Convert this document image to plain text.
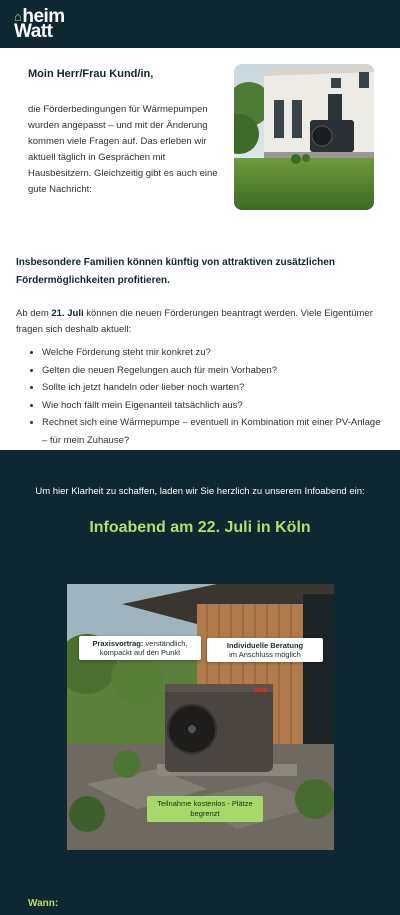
⌂ heim
Watt
Moin Herr/Frau Kund/in,
die Förderbedingungen für Wärmepumpen wurden angepasst – und mit der Änderung kommen viele Fragen auf. Das erleben wir aktuell täglich in Gesprächen mit Hausbesitzern. Gleichzeitig gibt es auch eine gute Nachricht:
Insbesondere Familien können künftig von attraktiven zusätzlichen Fördermöglichkeiten profitieren.
Ab dem 21. Juli können die neuen Förderungen beantragt werden. Viele Eigentümer fragen sich deshalb aktuell:
• Welche Förderung steht mir konkret zu?
• Gelten die neuen Regelungen auch für mein Vorhaben?
• Sollte ich jetzt handeln oder lieber noch warten?
• Wie hoch fällt mein Eigenanteil tatsächlich aus?
• Rechnet sich eine Wärmepumpe – eventuell in Kombination mit einer PV-Anlage – für mein Zuhause?
Um hier Klarheit zu schaffen, laden wir Sie herzlich zu unserem Infoabend ein:
Infoabend am 22. Juli in Köln
Praxisvortrag: verständlich, kompackt auf den Punkt
Individuelle Beratung
im Anschluss möglich
Teilnahme kostenlos - Plätze begrenzt
Wann:
